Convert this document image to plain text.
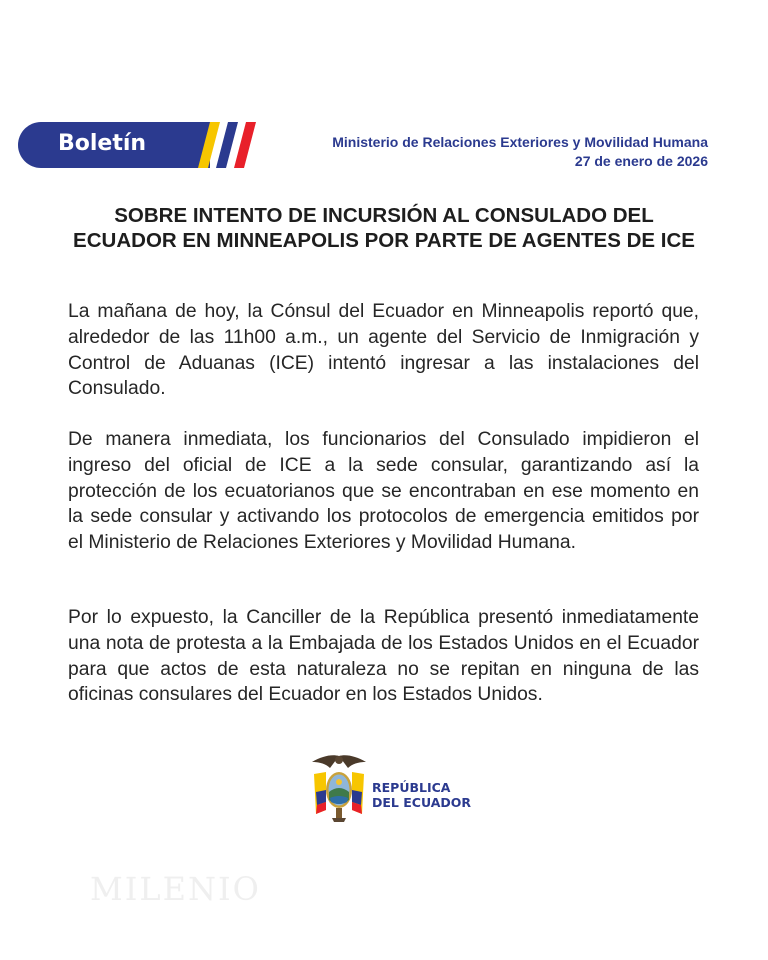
Boletín	Ministerio de Relaciones Exteriores y Movilidad Humana
27 de enero de 2026
SOBRE INTENTO DE INCURSIÓN AL CONSULADO DEL ECUADOR EN MINNEAPOLIS POR PARTE DE AGENTES DE ICE

La mañana de hoy, la Cónsul del Ecuador en Minneapolis reportó que, alrededor de las 11h00 a.m., un agente del Servicio de Inmigración y Control de Aduanas (ICE) intentó ingresar a las instalaciones del Consulado.

De manera inmediata, los funcionarios del Consulado impidieron el ingreso del oficial de ICE a la sede consular, garantizando así la protección de los ecuatorianos que se encontraban en ese momento en la sede consular y activando los protocolos de emergencia emitidos por el Ministerio de Relaciones Exteriores y Movilidad Humana.

Por lo expuesto, la Canciller de la República presentó inmediatamente una nota de protesta a la Embajada de los Estados Unidos en el Ecuador para que actos de esta naturaleza no se repitan en ninguna de las oficinas consulares del Ecuador en los Estados Unidos.

REPÚBLICA
DEL ECUADOR
MILENIO
